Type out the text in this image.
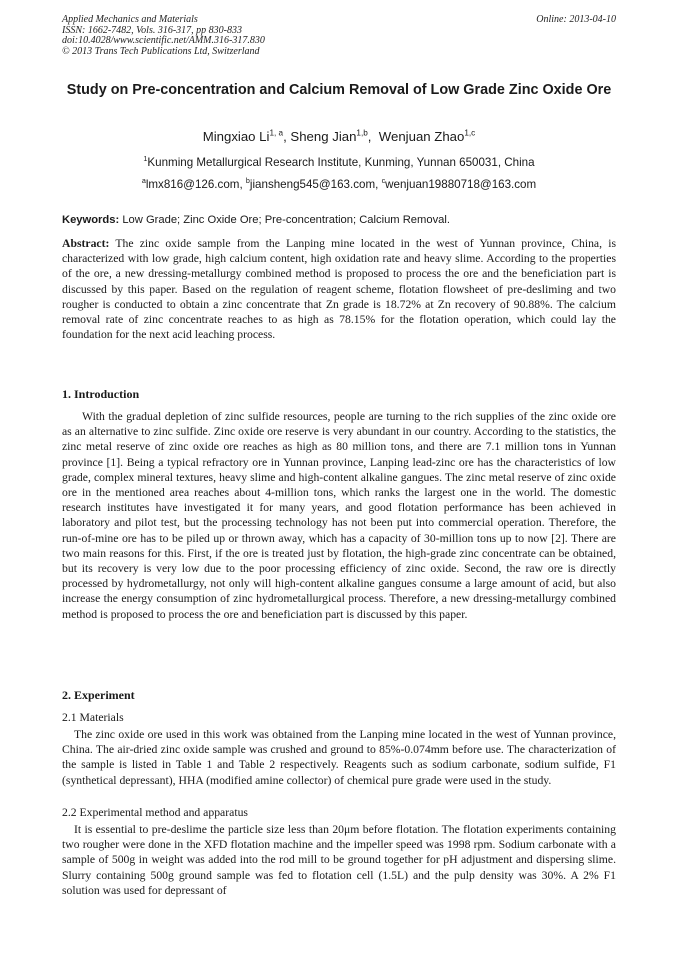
Applied Mechanics and Materials
ISSN: 1662-7482, Vols. 316-317, pp 830-833
doi:10.4028/www.scientific.net/AMM.316-317.830
© 2013 Trans Tech Publications Ltd, Switzerland
Online: 2013-04-10
Study on Pre-concentration and Calcium Removal of Low Grade Zinc Oxide Ore
Mingxiao Li$^{1, a}$, Sheng Jian$^{1,b}$,  Wenjuan Zhao$^{1,c}$
$^1$Kunming Metallurgical Research Institute, Kunming, Yunnan 650031, China
$^a$lmx816@126.com, $^b$jiansheng545@163.com, $^c$wenjuan19880718@163.com
Keywords: Low Grade; Zinc Oxide Ore; Pre-concentration; Calcium Removal.
Abstract: The zinc oxide sample from the Lanping mine located in the west of Yunnan province, China, is characterized with low grade, high calcium content, high oxidation rate and heavy slime. According to the properties of the ore, a new dressing-metallurgy combined method is proposed to process the ore and the beneficiation part is discussed by this paper. Based on the regulation of reagent scheme, flotation flowsheet of pre-desliming and two rougher is conducted to obtain a zinc concentrate that Zn grade is 18.72% at Zn recovery of 90.88%. The calcium removal rate of zinc concentrate reaches to as high as 78.15% for the flotation operation, which could lay the foundation for the next acid leaching process.
1. Introduction
With the gradual depletion of zinc sulfide resources, people are turning to the rich supplies of the zinc oxide ore as an alternative to zinc sulfide. Zinc oxide ore reserve is very abundant in our country. According to the statistics, the zinc metal reserve of zinc oxide ore reaches as high as 80 million tons, and there are 7.1 million tons in Yunnan province [1]. Being a typical refractory ore in Yunnan province, Lanping lead-zinc ore has the characteristics of low grade, complex mineral textures, heavy slime and high-content alkaline gangues. The zinc metal reserve of zinc oxide ore in the mentioned area reaches about 4-million tons, which ranks the largest one in the world. The domestic research institutes have investigated it for many years, and good flotation performance has been achieved in laboratory and pilot test, but the processing technology has not been put into commercial operation. Therefore, the run-of-mine ore has to be piled up or thrown away, which has a capacity of 30-million tons up to now [2]. There are two main reasons for this. First, if the ore is treated just by flotation, the high-grade zinc concentrate can be obtained, but its recovery is very low due to the poor processing efficiency of zinc oxide. Second, the raw ore is directly processed by hydrometallurgy, not only will high-content alkaline gangues consume a large amount of acid, but also increase the energy consumption of zinc hydrometallurgical process. Therefore, a new dressing-metallurgy combined method is proposed to process the ore and beneficiation part is discussed by this paper.
2. Experiment
2.1 Materials
The zinc oxide ore used in this work was obtained from the Lanping mine located in the west of Yunnan province, China. The air-dried zinc oxide sample was crushed and ground to 85%-0.074mm before use. The characterization of the sample is listed in Table 1 and Table 2 respectively. Reagents such as sodium carbonate, sodium sulfide, F1 (synthetical depressant), HHA (modified amine collector) of chemical pure grade were used in the study.
2.2 Experimental method and apparatus
It is essential to pre-deslime the particle size less than 20μm before flotation. The flotation experiments containing two rougher were done in the XFD flotation machine and the impeller speed was 1998 rpm. Sodium carbonate with a sample of 500g in weight was added into the rod mill to be ground together for pH adjustment and dispersing slime. Slurry containing 500g ground sample was fed to flotation cell (1.5L) and the pulp density was 30%. A 2% F1 solution was used for depressant of
